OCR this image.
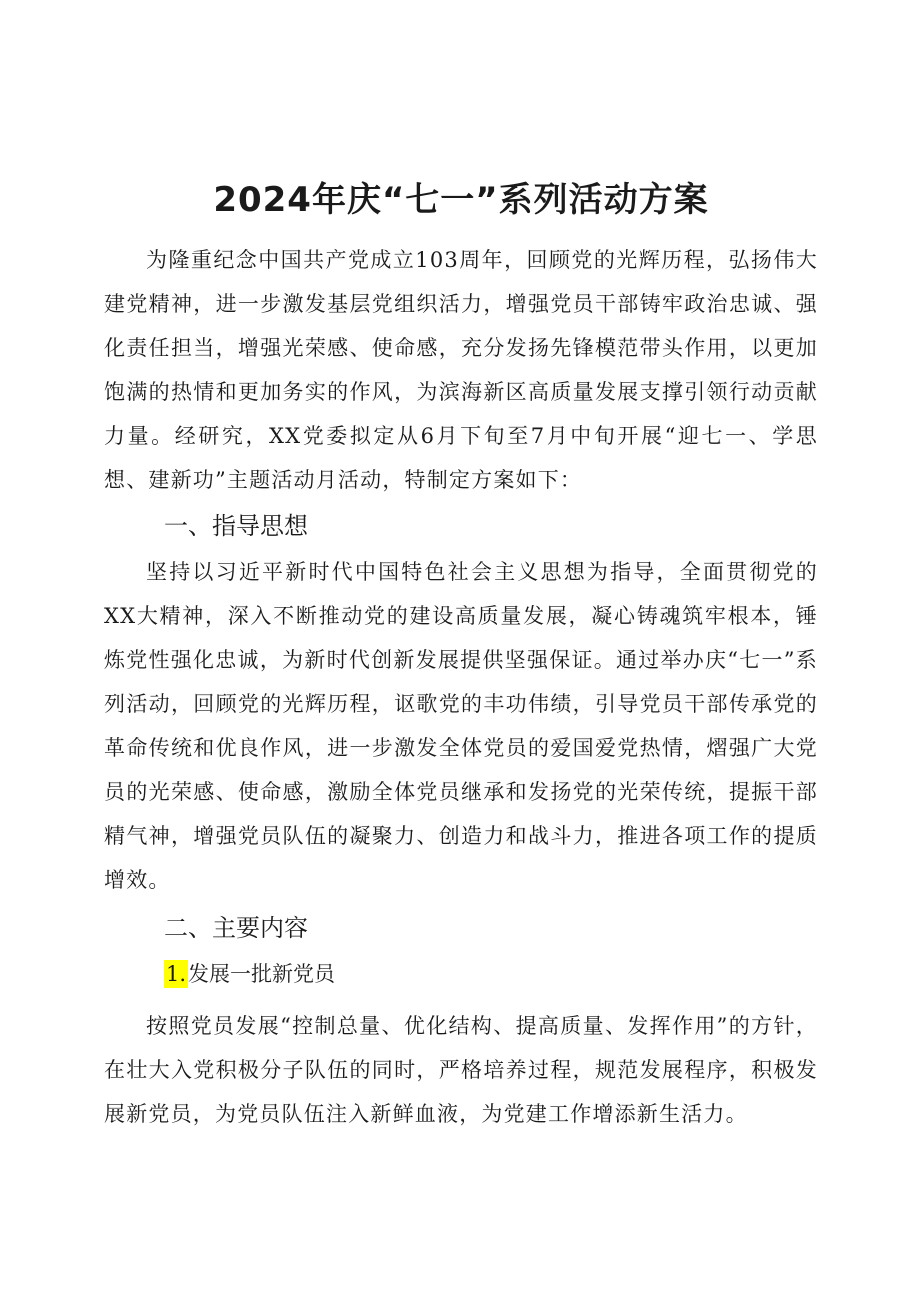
2024年庆“七一”系列活动方案

为隆重纪念中国共产党成立103周年，回顾党的光辉历程，弘扬伟大建党精神，进一步激发基层党组织活力，增强党员干部铸牢政治忠诚、强化责任担当，增强光荣感、使命感，充分发扬先锋模范带头作用，以更加饱满的热情和更加务实的作风，为滨海新区高质量发展支撑引领行动贡献力量。经研究，XX党委拟定从6月下旬至7月中旬开展“迎七一、学思想、建新功”主题活动月活动，特制定方案如下：

一、指导思想

坚持以习近平新时代中国特色社会主义思想为指导，全面贯彻党的XX大精神，深入不断推动党的建设高质量发展，凝心铸魂筑牢根本，锤炼党性强化忠诚，为新时代创新发展提供坚强保证。通过举办庆“七一”系列活动，回顾党的光辉历程，讴歌党的丰功伟绩，引导党员干部传承党的革命传统和优良作风，进一步激发全体党员的爱国爱党热情，熠强广大党员的光荣感、使命感，激励全体党员继承和发扬党的光荣传统，提振干部精气神，增强党员队伍的凝聚力、创造力和战斗力，推进各项工作的提质增效。

二、主要内容
1.发展一批新党员

按照党员发展“控制总量、优化结构、提高质量、发挥作用”的方针，在壮大入党积极分子队伍的同时，严格培养过程，规范发展程序，积极发展新党员，为党员队伍注入新鲜血液，为党建工作增添新生活力。
